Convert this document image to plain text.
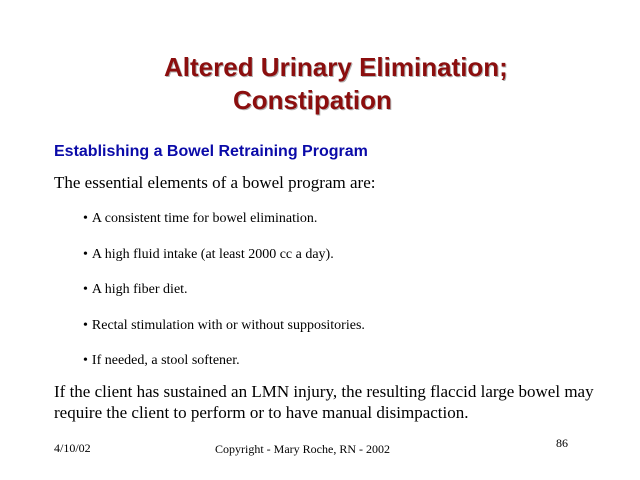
Altered Urinary Elimination;
Constipation
Establishing a Bowel Retraining Program
The essential elements of a bowel program are:
• A consistent time for bowel elimination.
• A high fluid intake (at least 2000 cc a day).
• A high fiber diet.
• Rectal stimulation with or without suppositories.
• If needed, a stool softener.
If the client has sustained an LMN injury, the resulting flaccid large bowel may require the client to perform or to have manual disimpaction.
4/10/02	Copyright - Mary Roche, RN - 2002	86
